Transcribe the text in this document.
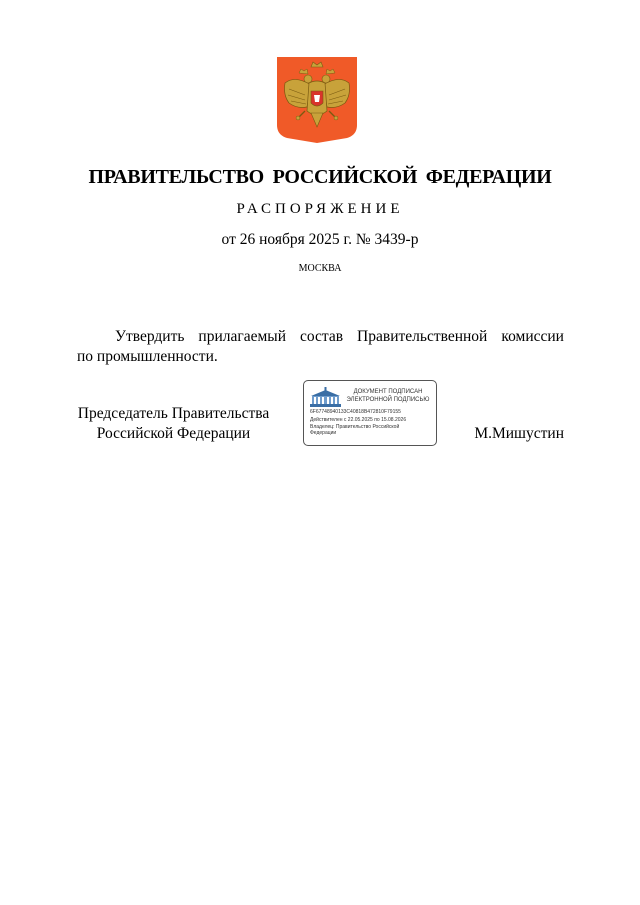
ПРАВИТЕЛЬСТВО РОССИЙСКОЙ ФЕДЕРАЦИИ
РАСПОРЯЖЕНИЕ
от 26 ноября 2025 г. № 3439-р
МОСКВА
Утвердить прилагаемый состав Правительственной комиссии
по промышленности.
Председатель Правительства
Российской Федерации
ДОКУМЕНТ ПОДПИСАН
ЭЛЕКТРОННОЙ ПОДПИСЬЮ
6F67748940133C40818B472810F79155
Действителен с 22.05.2025 по 15.08.2026
Владелец: Правительство Российской
Федерации	М.Мишустин
